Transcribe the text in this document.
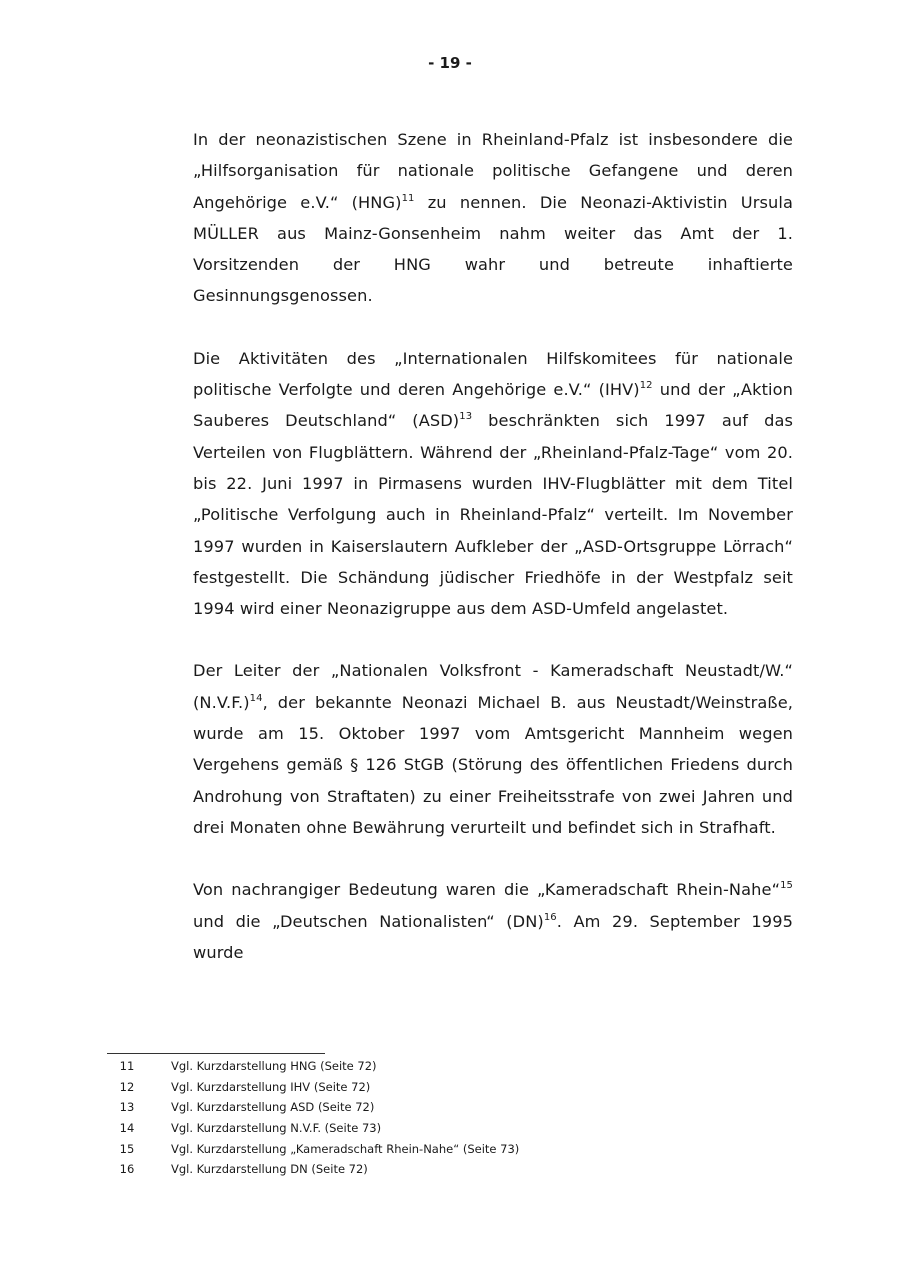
- 19 -

In der neonazistischen Szene in Rheinland-Pfalz ist insbesondere die „Hilfsorganisation für nationale politische Gefangene und deren Angehörige e.V.“ (HNG)$^{11}$ zu nennen. Die Neonazi-Aktivistin Ursula MÜLLER aus Mainz-Gonsenheim nahm weiter das Amt der 1. Vorsitzenden der HNG wahr und betreute inhaftierte Gesinnungsgenossen.

Die Aktivitäten des „Internationalen Hilfskomitees für nationale politische Verfolgte und deren Angehörige e.V.“ (IHV)$^{12}$ und der „Aktion Sauberes Deutschland“ (ASD)$^{13}$ beschränkten sich 1997 auf das Verteilen von Flugblättern. Während der „Rheinland-Pfalz-Tage“ vom 20. bis 22. Juni 1997 in Pirmasens wurden IHV-Flugblätter mit dem Titel „Politische Verfolgung auch in Rheinland-Pfalz“ verteilt. Im November 1997 wurden in Kaiserslautern Aufkleber der „ASD-Ortsgruppe Lörrach“ festgestellt. Die Schändung jüdischer Friedhöfe in der Westpfalz seit 1994 wird einer Neonazigruppe aus dem ASD-Umfeld angelastet.

Der Leiter der „Nationalen Volksfront - Kameradschaft Neustadt/W.“ $(N.V.F.)^{14}$, der bekannte Neonazi Michael B. aus Neustadt/Weinstraße, wurde am 15. Oktober 1997 vom Amtsgericht Mannheim wegen Vergehens gemäß § 126 StGB (Störung des öffentlichen Friedens durch Androhung von Straftaten) zu einer Freiheitsstrafe von zwei Jahren und drei Monaten ohne Bewährung verurteilt und befindet sich in Strafhaft.

Von nachrangiger Bedeutung waren die „Kameradschaft Rhein-Nahe“$^{15}$ und die „Deutschen Nationalisten“ (DN)$^{16}$. Am 29. September 1995 wurde

11	Vgl. Kurzdarstellung HNG (Seite 72)
12	Vgl. Kurzdarstellung IHV (Seite 72)
13	Vgl. Kurzdarstellung ASD (Seite 72)
14	Vgl. Kurzdarstellung N.V.F. (Seite 73)
15	Vgl. Kurzdarstellung „Kameradschaft Rhein-Nahe“ (Seite 73)
16	Vgl. Kurzdarstellung DN (Seite 72)
